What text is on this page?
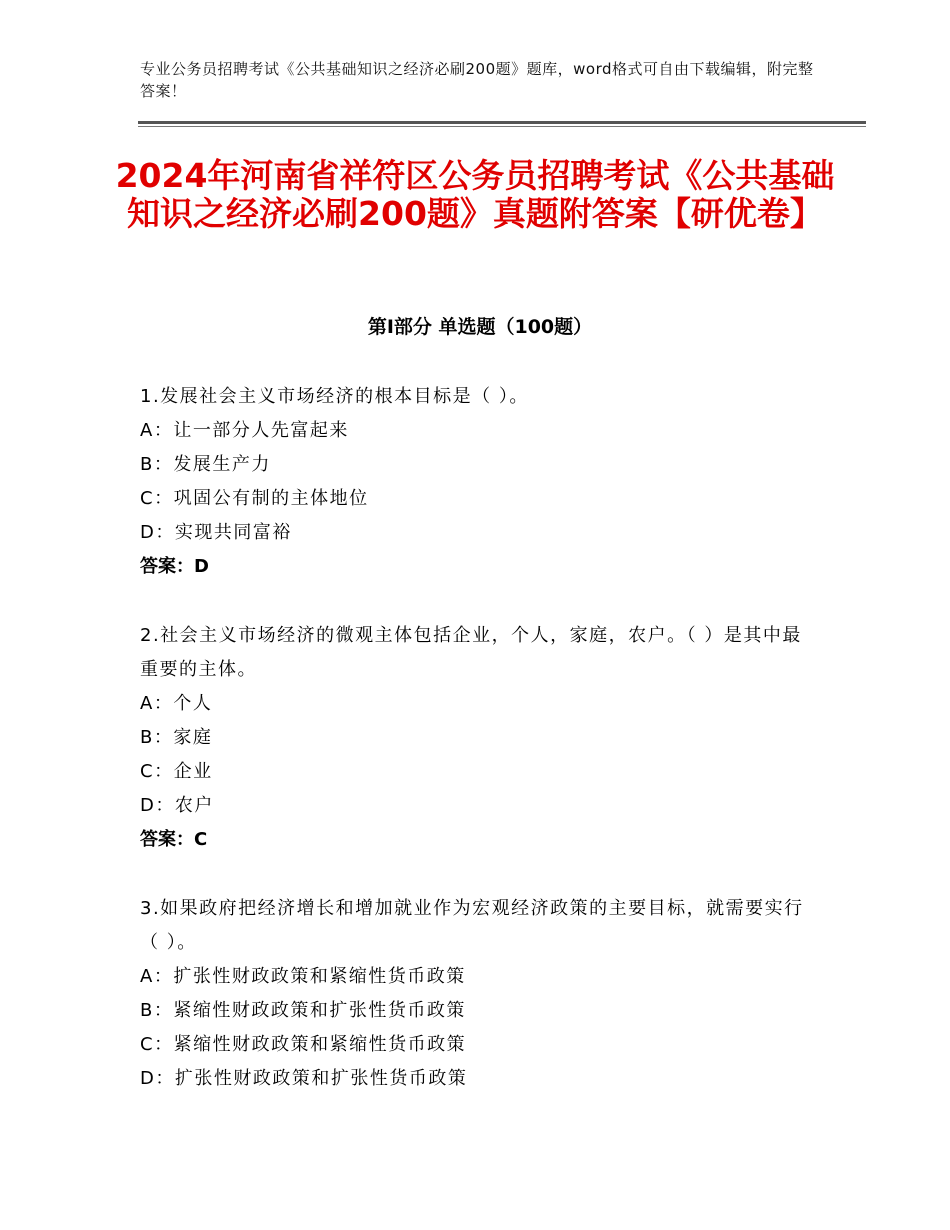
专业公务员招聘考试《公共基础知识之经济必刷200题》题库，word格式可自由下载编辑，附完整答案！
2024年河南省祥符区公务员招聘考试《公共基础知识之经济必刷200题》真题附答案【研优卷】
第Ⅰ部分 单选题（100题）
1.发展社会主义市场经济的根本目标是（ ）。
A：让一部分人先富起来
B：发展生产力
C：巩固公有制的主体地位
D：实现共同富裕
答案：D
2.社会主义市场经济的微观主体包括企业，个人，家庭，农户。（ ）是其中最重要的主体。
A：个人
B：家庭
C：企业
D：农户
答案：C
3.如果政府把经济增长和增加就业作为宏观经济政策的主要目标，就需要实行（ ）。
A：扩张性财政政策和紧缩性货币政策
B：紧缩性财政政策和扩张性货币政策
C：紧缩性财政政策和紧缩性货币政策
D：扩张性财政政策和扩张性货币政策
